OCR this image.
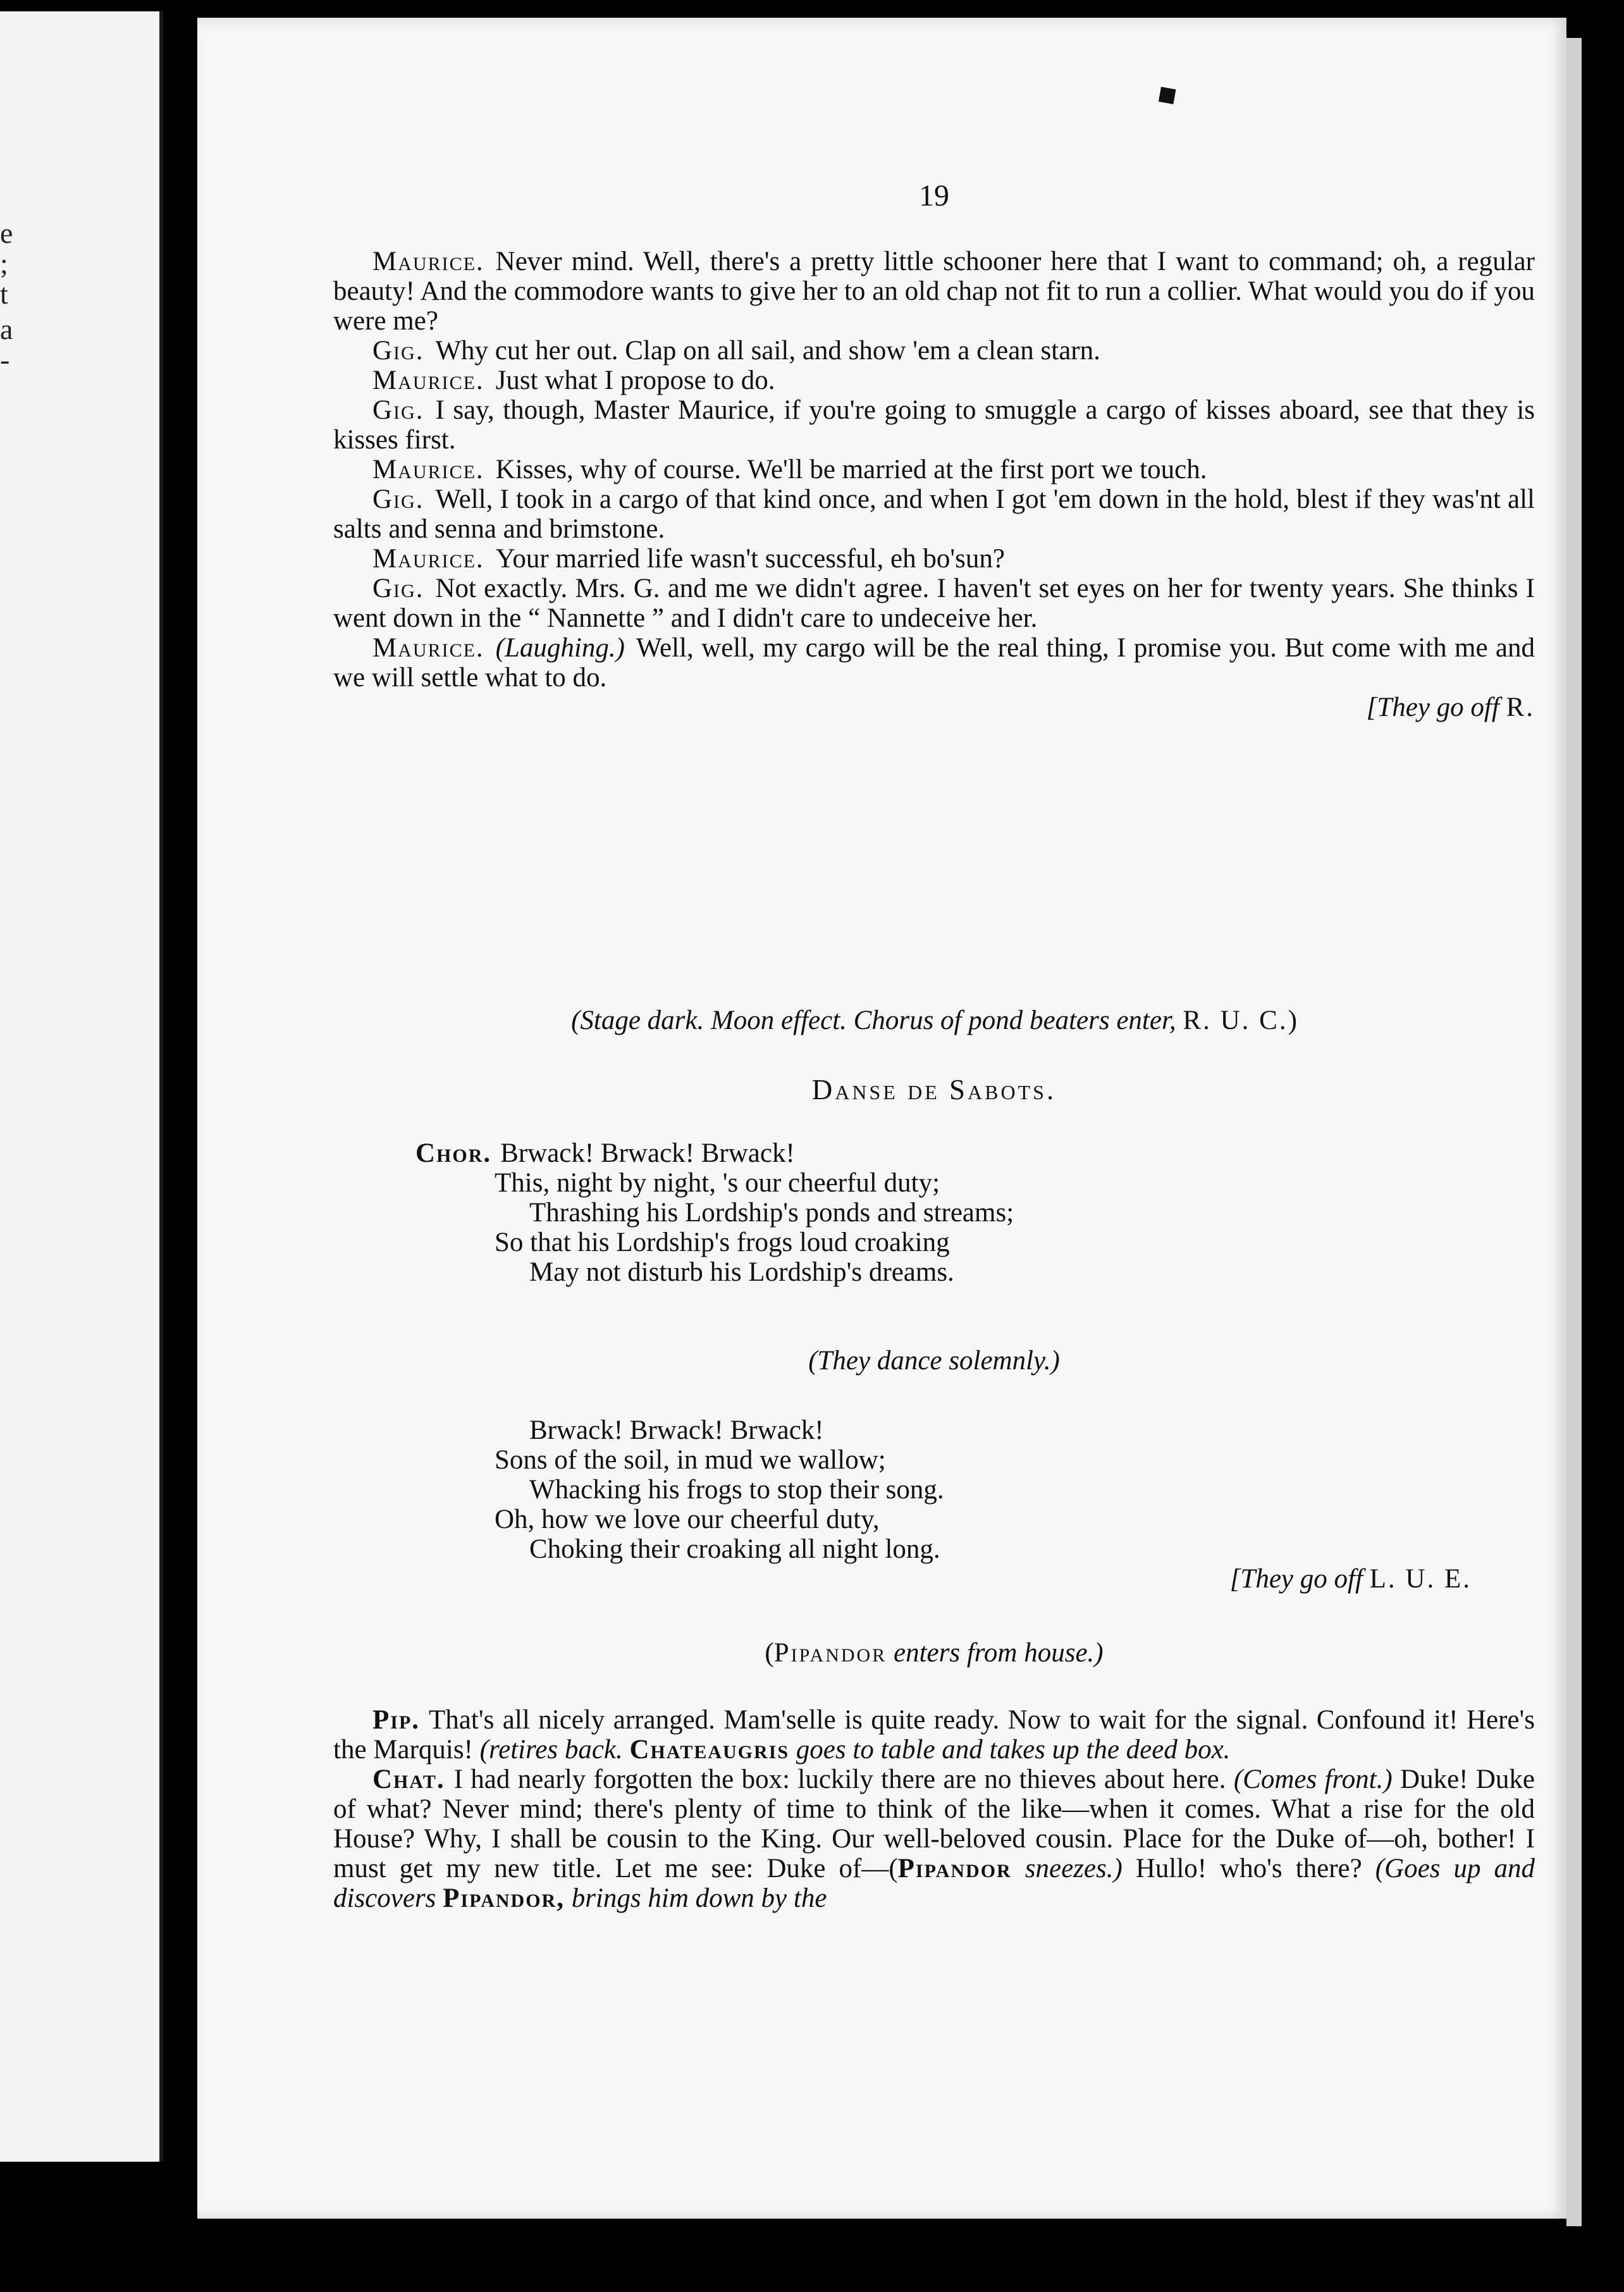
e
;
t
a
-
◆
19

Maurice. Never mind. Well, there's a pretty little schooner here that I want to command; oh, a regular beauty! And the commodore wants to give her to an old chap not fit to run a collier. What would you do if you were me?

Gig. Why cut her out. Clap on all sail, and show 'em a clean starn.

Maurice. Just what I propose to do.

Gig. I say, though, Master Maurice, if you're going to smuggle a cargo of kisses aboard, see that they is kisses first.

Maurice. Kisses, why of course. We'll be married at the first port we touch.

Gig. Well, I took in a cargo of that kind once, and when I got 'em down in the hold, blest if they was'nt all salts and senna and brimstone.

Maurice. Your married life wasn't successful, eh bo'sun?

Gig. Not exactly. Mrs. G. and me we didn't agree. I haven't set eyes on her for twenty years. She thinks I went down in the “ Nannette ” and I didn't care to undeceive her.

Maurice. (Laughing.) Well, well, my cargo will be the real thing, I promise you. But come with me and we will settle what to do.

[They go off R.

(Stage dark. Moon effect. Chorus of pond beaters enter, R. U. C.)

Danse de Sabots.
Chor. Brwack! Brwack! Brwack!
This, night by night, 's our cheerful duty;
Thrashing his Lordship's ponds and streams;
So that his Lordship's frogs loud croaking
May not disturb his Lordship's dreams.

(They dance solemnly.)

Brwack! Brwack! Brwack!
Sons of the soil, in mud we wallow;
Whacking his frogs to stop their song.
Oh, how we love our cheerful duty,
Choking their croaking all night long.

[They go off L. U. E.

(Pipandor enters from house.)

Pip. That's all nicely arranged. Mam'selle is quite ready. Now to wait for the signal. Confound it! Here's the Marquis! (retires back. Chateaugris goes to table and takes up the deed box.

Chat. I had nearly forgotten the box: luckily there are no thieves about here. (Comes front.) Duke! Duke of what? Never mind; there's plenty of time to think of the like—when it comes. What a rise for the old House? Why, I shall be cousin to the King. Our well-beloved cousin. Place for the Duke of—oh, bother! I must get my new title. Let me see: Duke of—(Pipandor sneezes.) Hullo! who's there? (Goes up and discovers Pipandor, brings him down by the
